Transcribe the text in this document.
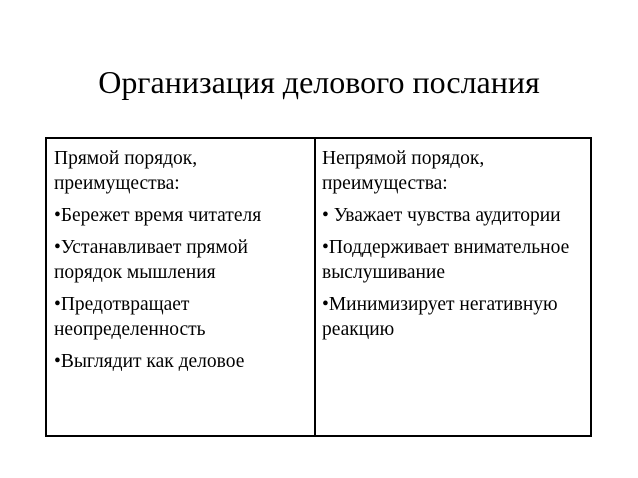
Организация делового послания

Прямой порядок, преимущества:

•Бережет время читателя

•Устанавливает прямой порядок мышления

•Предотвращает неопределенность

•Выглядит как деловое

Непрямой порядок, преимущества:

• Уважает чувства аудитории

•Поддерживает внимательное выслушивание

•Минимизирует негативную реакцию
